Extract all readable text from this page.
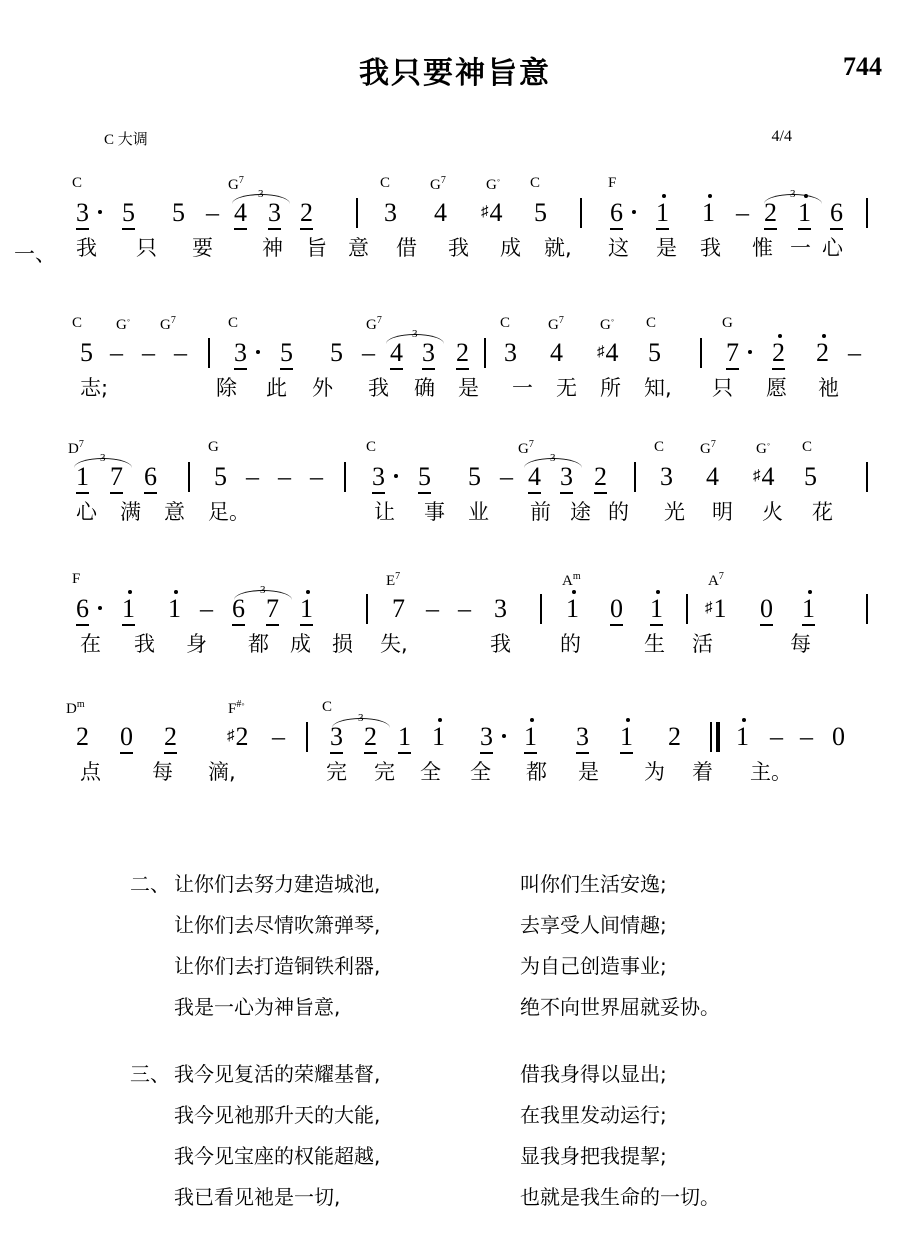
我只要神旨意	744
C 大调	4/4
C	$G^7$	C	$G^7$	G◦ C	F
3	3
3 5 5 – 4 3 2	3 4 ♯ 4 5 6 1 1 – 2 1 6
一、 我 只 要 神 旨 意 借 我 成 就, 这 是 我 惟 一 心
C G◦ $G^7$	C	$G^7$	C	$G^7$ G◦ C	G
3
5 – – – 3 5 5 – 4 3 2 3 4 ♯ 4 5	7 2 2 –
志;	除 此 外 我 确 是 一 无 所 知, 只 愿 祂
$D^7$	G	C	$G^7$	C $G^7$	G◦ C
3	3
1 7 6 5 – – – 3 5 5 – 4 3 2 3 4 ♯ 4 5
心 满 意 足。	让 事 业 前 途 的 光 明 火 花
F	$E^7$	$A^m$	$A^7$
3
6 1 1 – 6 7 1	7 – – 3 1 0 1 ♯ 1 0 1
在 我 身 都 成 损 失,	我 的	生 活	每
$D^m$	F#◦	C
3
2 0 2 ♯ 2 – 3 2 1 1 3 1 3 1 2 1 – – 0
点 每 滴,	完 完 全 全 都 是 为 着 主。
二、 让你们去努力建造城池,	叫你们生活安逸;
让你们去尽情吹箫弹琴,	去享受人间情趣;
让你们去打造铜铁利器,	为自己创造事业;
我是一心为神旨意,	绝不向世界屈就妥协。
三、 我今见复活的荣耀基督,	借我身得以显出;
我今见祂那升天的大能,	在我里发动运行;
我今见宝座的权能超越,	显我身把我提挈;
我已看见祂是一切,	也就是我生命的一切。
